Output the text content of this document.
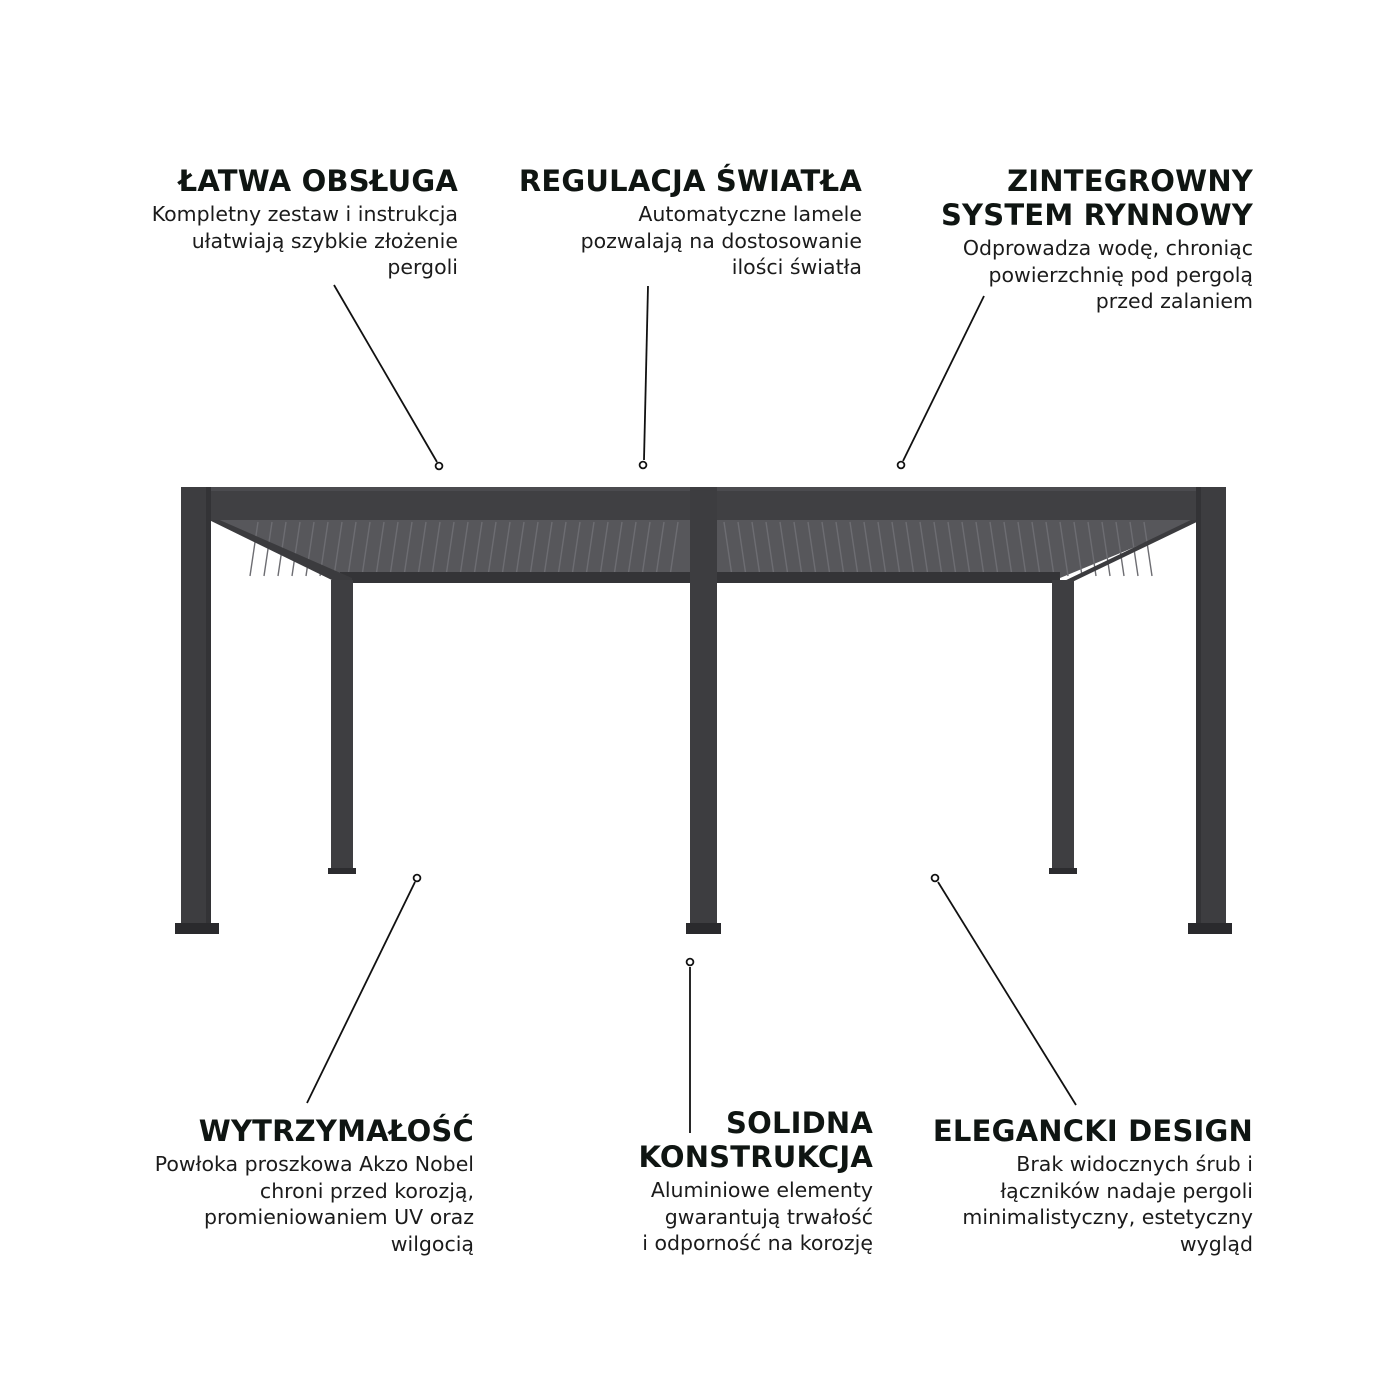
ŁATWA OBSŁUGA

Kompletny zestaw i instrukcja
ułatwiają szybkie złożenie
pergoli

REGULACJA ŚWIATŁA

Automatyczne lamele
pozwalają na dostosowanie
ilości światła

ZINTEGROWNY
SYSTEM RYNNOWY

Odprowadza wodę, chroniąc
powierzchnię pod pergolą
przed zalaniem

WYTRZYMAŁOŚĆ

Powłoka proszkowa Akzo Nobel
chroni przed korozją,
promieniowaniem UV oraz
wilgocią

SOLIDNA
KONSTRUKCJA

Aluminiowe elementy
gwarantują trwałość
i odporność na korozję

ELEGANCKI DESIGN

Brak widocznych śrub i
łączników nadaje pergoli
minimalistyczny, estetyczny
wygląd
